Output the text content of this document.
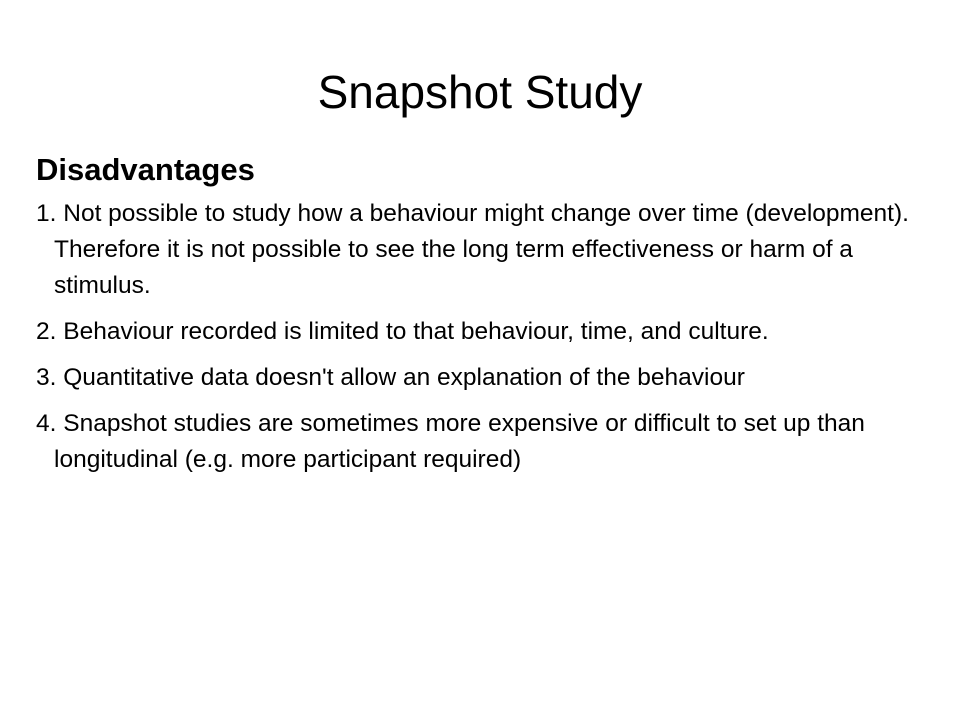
Snapshot Study
Disadvantages

1. Not possible to study how a behaviour might change over time (development). Therefore it is not possible to see the long term effectiveness or harm of a stimulus.

2. Behaviour recorded is limited to that behaviour, time, and culture.

3. Quantitative data doesn't allow an explanation of the behaviour

4. Snapshot studies are sometimes more expensive or difficult to set up than longitudinal (e.g. more participant required)
